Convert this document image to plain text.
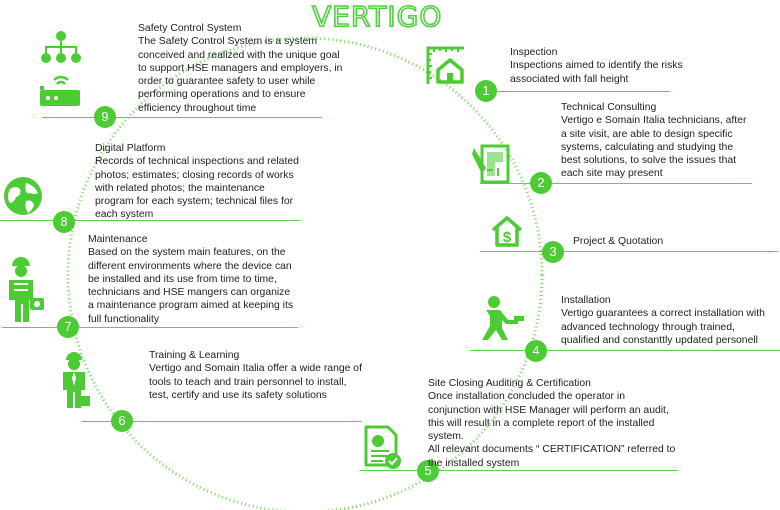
VERTIGO
1
2
3
4
5
6
7
8
9
Inspection
Inspections aimed to identify the risks associated with fall height
Technical Consulting
Vertigo e Somain Italia technicians, after a site visit, are able to design specific systems, calculating and studying the best solutions, to solve the issues that each site may present
Project & Quotation
Installation
Vertigo guarantees a correct installation with advanced technology through trained, qualified and constanttly updated personell
Site Closing Auditing & Certification
Once installation concluded the operator in conjunction with HSE Manager will perform an audit, this will result in a complete report of the installed system.
All relevant documents “ CERTIFICATION” referred to the installed system
Training & Learning
Vertigo and Somain Italia offer a wide range of tools to teach and train personnel to install, test, certify and use its safety solutions
Maintenance
Based on the system main features, on the different environments where the device can be installed and its use from time to time, technicians and HSE mangers can organize a maintenance program aimed at keeping its full functionality
Digital Platform
Records of technical inspections and related photos; estimates; closing records of works with related photos; the maintenance program for each system; technical files for each system
Safety Control System
The Safety Control System is a system conceived and realized with the unique goal to support HSE managers and employers, in order to guarantee safety to user while performing operations and to ensure efficiency throughout time
$
